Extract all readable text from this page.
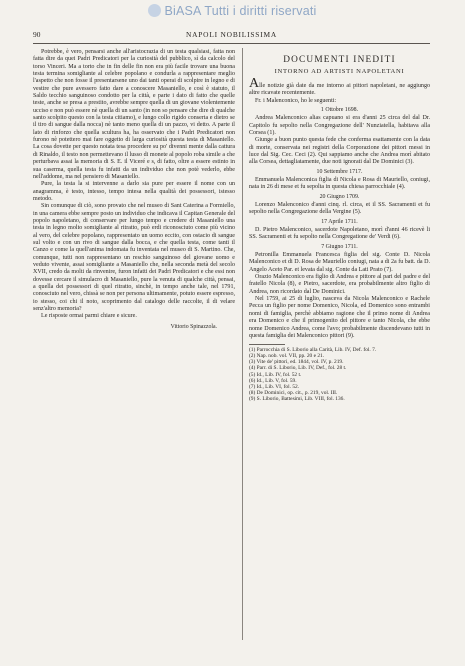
BiASA Tutti i diritti riservati
90	NAPOLI NOBILISSIMA

Potrebbe, è vero, pensarsi anche all'aristocrazia di un testa qualsiasi, fatta non fatta dire da quei Padri Predicatori per la curiosità del pubblico, sì da calcolo del torso Vinceri. Ma a torto che in fin delle fin non era più facile trovare una buona testa termina somigliante al celebre popolano e condurla a rappresentare meglio l'aspetto che non fosse il presentarsene uno dai tanti operai di scolpire in legno e di vestire che pure avessero fatto dare a conoscere Masaniello, e così è statuto, il Saldo tecchio sanguinoso condotto per la città, e parte i dato di fatto che quelle teste, anche se presa a prestito, avrebbe sempre quella di un giovane violentemente ucciso e non può essere nè quella di un santo (in non so pensare che dire di qualche santo scolpito questo con la testa citiamo), e lungo collo rigido conserta e dietro se il tiro di sangue dalla nocca) nè tanto meno quella di un pazzo, vi detto. A parte il lato di rinforzo che quella scultura ha, ha osservato che i Padri Predicatori non furono nè potettero mai fare oggetto di larga curiosità questa testa di Masaniello. La cosa dovette per questo notata tesa procedere su po' divenni mente dalla cattura di Rinaldo, il testo non permettevano il lusso di monete al popolo roba simile a che perturbava assai la memoria di S. E. il Viceré e s, di fatto, oltre a essere estinto in sua caserma, quella testa fu infatti da un individuo che non potè vederlo, ebbe nell'addome, ma nel pensiero di Masaniello.

Pure, la testa la si intervenne a darlo sia pure per essere il nome con un anagramma, è testo, intesso, tempo intesa nella qualità dei possessori, istesso metodo.

Sin comunque di ciò, sono provato che nel museo di Sant Caterina a Formiello, in una camera ebbe sempre posto un individuo che indicava il Capitan Generale del popolo napoletano, di conservare per lungo tempo e credere di Masaniello una testa in legno molto somigliante al ritratto, può erdi riconosciuto come più vicino al vero, del celebre popolano, rappresentato un uomo eccito, con ostacio di sangue sul volto e con un rivo di sangue dalla bocca, e che quella testa, come tanti il Canzo e come la quell'anima indomata fu inventata nel museo di S. Martino. Che, comunque, tutti non rappresentano un reschio sanguinoso del giovane uomo e veduto vivente, assai somigliante a Masaniello che, nella seconda metà del secolo XVII, credo da molti da rinvenire, furon infatti dei Padri Predicatori e che essi non dovesse cercare il simulacro di Masaniello, pure la venuta di qualche città, pensai, a quella dei possessori di quel ritratto, sinchè, in tempo anche tale, nel 1791, conosciuto nel vero, chissà se non per persona ultimamente, potuto essere espresso, io stesso, coi chi il noto, scoprimento dal catalogo delle raccolte, il di velare senz'altro memoria?

Le risposte ormai parmi chiare e sicure.

Vittorio Spinazzola.

DOCUMENTI INEDITI

INTORNO AD ARTISTI NAPOLETANI

Alle notizie già date da me intorno ai pittori napoletani, ne aggiungo altre ricavate recentemente.

Fr. i Malenconico, ho le seguenti:

1 Ottobre 1698.

Andrea Malenconico alias capuano si era d'anni 25 circa del dal Dr. Capitolo fu sepolto nella Congregazione dell' Nunziatella, habitava alla Corsea (1).

Giunge a buon punto questa fede che conferma esattamente con la data di morte, conservata nei registri della Corporazione dei pittori messi in luce dal Sig. Cec. Ceci (2). Qui sappiamo anche che Andrea morì abitato alla Corsea, dettagliatamente, due noti ignorati dal De Dominici (3).

10 Settembre 1717.

Emmanuela Malenconica figlia di Nicola e Rosa di Mauriello, coniugi, nata in 26 di mese et fu sepolta in questa chiesa parrocchiale (4).

20 Giugno 1709.

Lorenzo Malenconico d'anni cinq. rl. circa, et il SS. Sacramenti et fu sepolto nella Congregazione della Vergine (5).

17 Aprile 1711.

D. Pietro Malenconico, sacerdote Napoletano, morì d'anni 46 ricevè li SS. Sacramenti et fu sepolto nella Congregatione de' Verdi (6).

7 Giugno 1711.

Petronilla Emmanuela Francesca figlia del sig. Conte D. Nicola Malenconico et di D. Rosa de Mauriello coniugi, nata a di 2a fu batt. da D. Angelo Aceto Par. et levata dal sig. Conte da Lati Prato (7).

Orazio Malenconico era figlio di Andrea e pittore al pari del padre e del fratello Nicola (8), e Pietro, sacerdote, era probabilmente altro figlio di Andrea, non ricordato dal De Dominici.

Nel 1759, ai 25 di luglio, nasceva da Nicola Malenconico e Rachele Pecca un figlio per nome Domenico, Nicola, ed Domenico sono entrambi nomi di famiglia, perchè abbiamo ragione che il primo nome di Andrea era Domenico e che il primogenito del pittore e tanto Nicola, che ebbe nome Domenico Andrea, come l'avo; probabilmente discendevano tutti in questa famiglia dei Malenconico pittori (9).

(1) Parrocchia di S. Liborio alla Carità, Lib. IV, Def. fol. 7.

(2) Nap. nob. vol. VII, pp. 20 e 21.

(3) Vite de' pittori, ed. 1844, vol. IV, p. 219.

(4) Parr. di S. Liborio, Lib. IV, Def., fol. 28 t.

(5) Id., Lib. IV, fol. 52 t.

(6) Id., Lib. V, fol. 59.

(7) Id., Lib. VI, fol. 52.

(8) De Dominici, op. cit., p. 219, vol. III.

(9) S. Liborio, Battesimi, Lib. VIII, fol. 136.
